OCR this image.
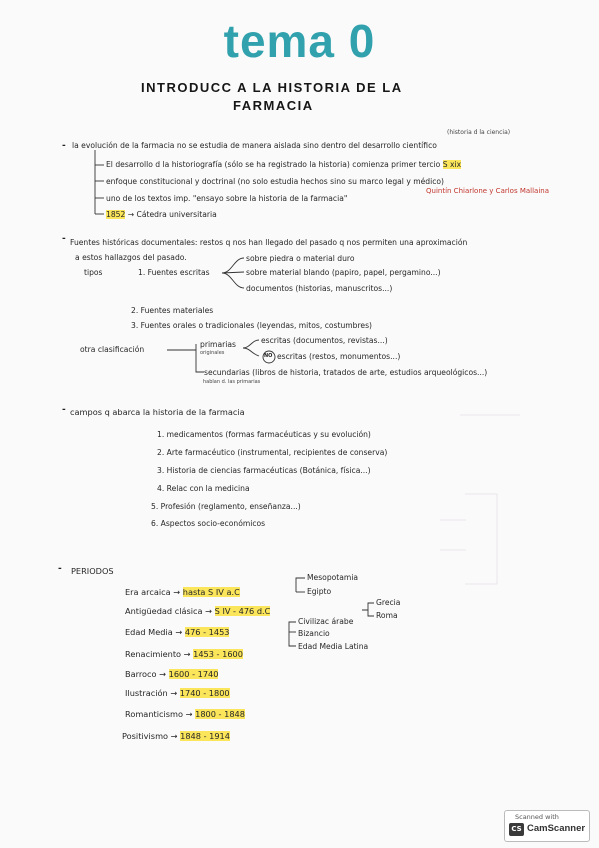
tema 0
INTRODUCC A LA HISTORIA DE LA
FARMACIA
-
(historia d la ciencia)
la evolución de la farmacia no se estudia de manera aislada sino dentro del desarrollo científico
El desarrollo d la historiografía (sólo se ha registrado la historia) comienza primer tercio S xix
enfoque constitucional y doctrinal (no solo estudia hechos sino su marco legal y médico)
uno de los textos imp. "ensayo sobre la historia de la farmacia"
Quintín Chiarlone y Carlos Mallaina
1852 → Cátedra universitaria
- Fuentes históricas documentales: restos q nos han llegado del pasado q nos permiten una aproximación
a estos hallazgos del pasado.
tipos	1. Fuentes escritas
sobre piedra o material duro
sobre material blando (papiro, papel, pergamino...)
documentos (historias, manuscritos...)
2. Fuentes materiales
3. Fuentes orales o tradicionales (leyendas, mitos, costumbres)
otra clasificación
primarias
originales
escritas (documentos, revistas...)
NO escritas (restos, monumentos...)
secundarias (libros de historia, tratados de arte, estudios arqueológicos...)
hablan d. las primarias
- campos q abarca la historia de la farmacia
1. medicamentos (formas farmacéuticas y su evolución)
2. Arte farmacéutico (instrumental, recipientes de conserva)
3. Historia de ciencias farmacéuticas (Botánica, física...)
4. Relac con la medicina
5. Profesión (reglamento, enseñanza...)
6. Aspectos socio-económicos
- PERIODOS
Era arcaica → hasta S IV a.C
Mesopotamia
Egipto
Antigüedad clásica → S IV - 476 d.C
Grecia
Roma
Edad Media → 476 - 1453
Civilizac árabe
Bizancio
Edad Media Latina
Renacimiento → 1453 - 1600
Barroco → 1600 - 1740
Ilustración → 1740 - 1800
Romanticismo → 1800 - 1848
Positivismo → 1848 - 1914
Scanned with
CS CamScanner
